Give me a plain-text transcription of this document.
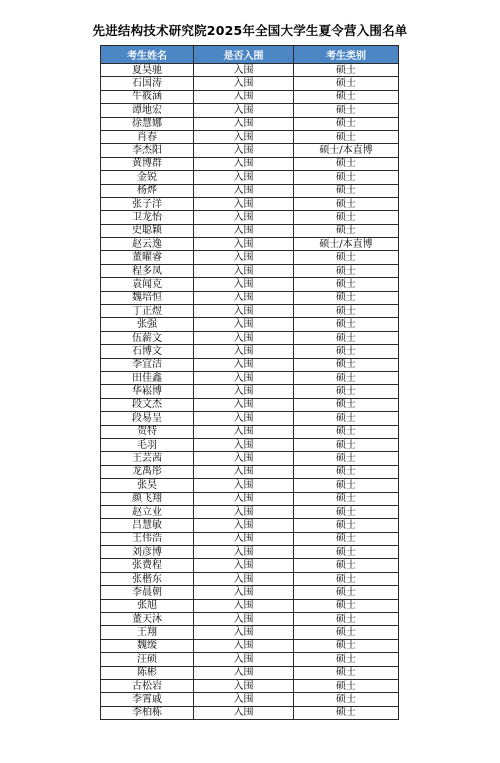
先进结构技术研究院2025年全国大学生夏令营入围名单
考生姓名	是否入围	考生类别
夏昊驰	入围	硕士
石国涛	入围	硕士
牛筱涵	入围	硕士
谭地宏	入围	硕士
徐慧娜	入围	硕士
肖春	入围	硕士
李杰阳	入围	硕士/本直博
黄博群	入围	硕士
金锐	入围	硕士
杨烨	入围	硕士
张子洋	入围	硕士
卫龙怡	入围	硕士
史聪颖	入围	硕士
赵云逸	入围	硕士/本直博
董曜睿	入围	硕士
程多凤	入围	硕士
袁闻克	入围	硕士
魏培恒	入围	硕士
丁正煜	入围	硕士
张强	入围	硕士
伍薪文	入围	硕士
石博文	入围	硕士
李宜洁	入围	硕士
田佳鑫	入围	硕士
华崧博	入围	硕士
段文杰	入围	硕士
段易呈	入围	硕士
贺特	入围	硕士
毛羽	入围	硕士
王芸茜	入围	硕士
龙禹彤	入围	硕士
张昊	入围	硕士
颜飞翔	入围	硕士
赵立业	入围	硕士
吕慧敏	入围	硕士
王伟浩	入围	硕士
刘彦博	入围	硕士
张费程	入围	硕士
张楷东	入围	硕士
李晨朝	入围	硕士
张旭	入围	硕士
董天沐	入围	硕士
王翔	入围	硕士
魏缓	入围	硕士
汪硕	入围	硕士
陈彬	入围	硕士
古松岩	入围	硕士
李霄戚	入围	硕士
李柏栋	入围	硕士
